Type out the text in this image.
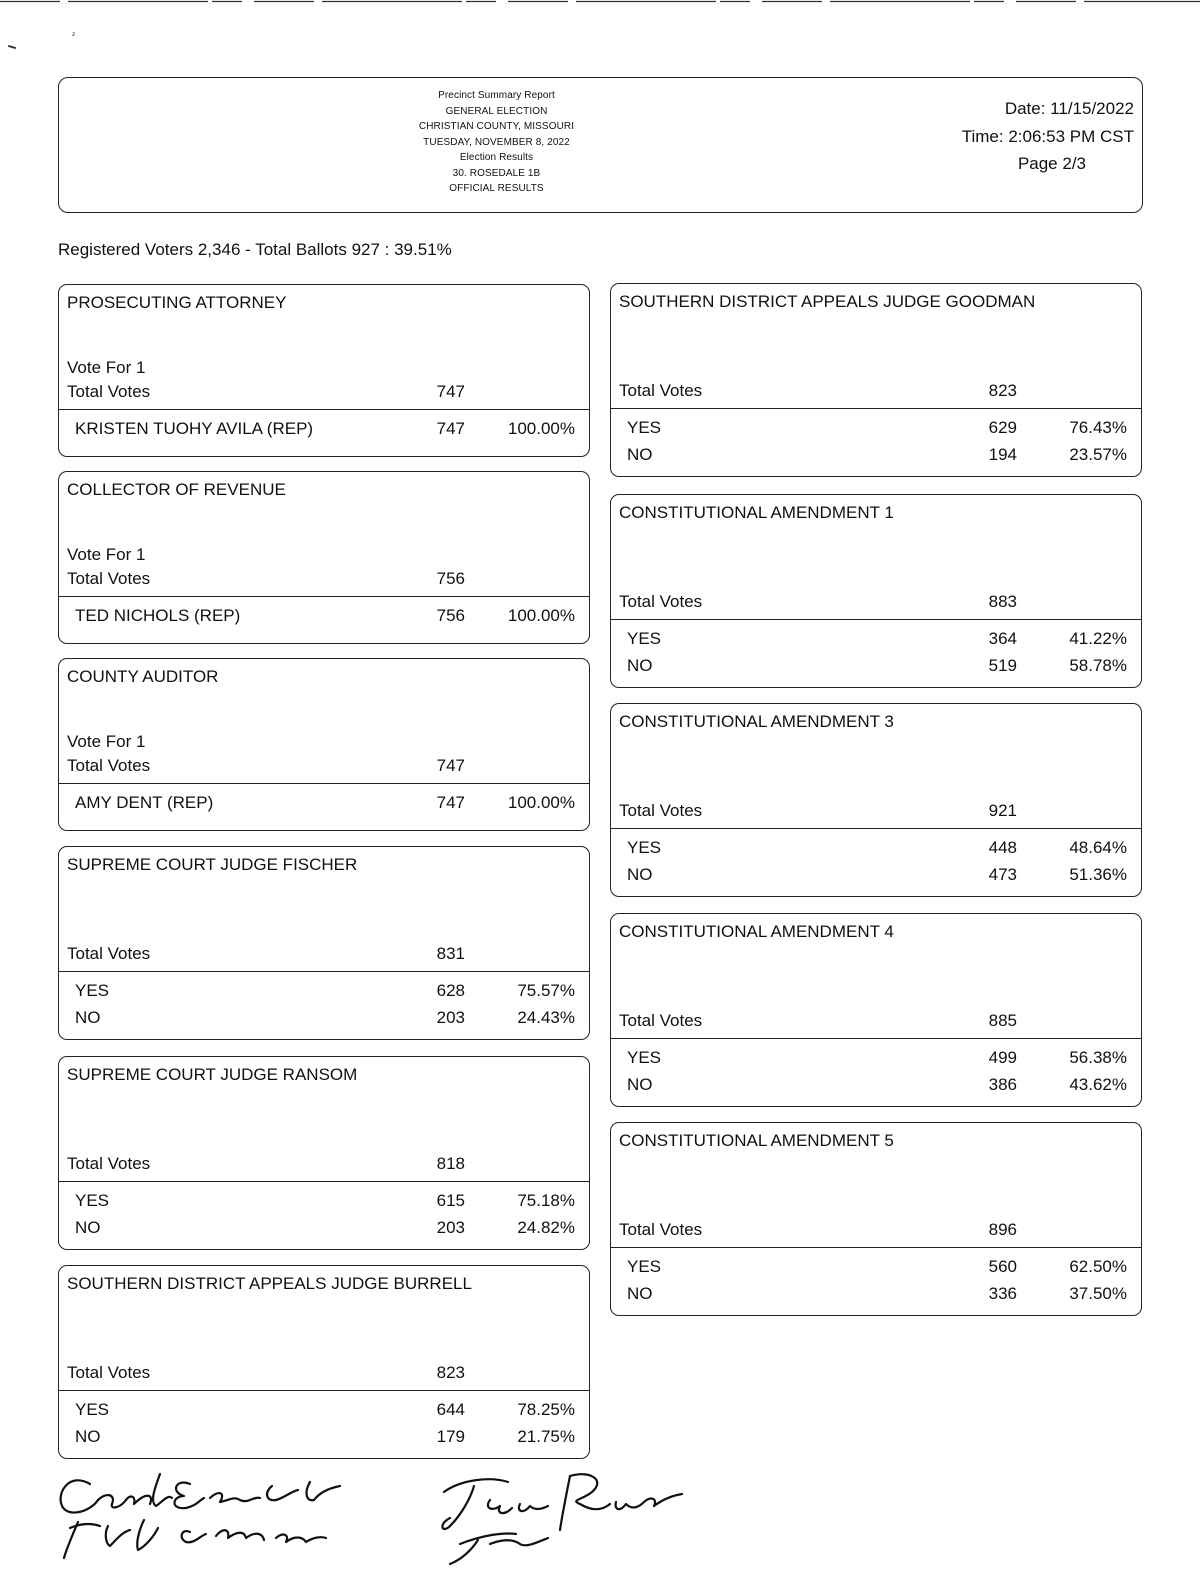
ᶻ
Precinct Summary Report
GENERAL ELECTION
CHRISTIAN COUNTY, MISSOURI
TUESDAY, NOVEMBER 8, 2022
Election Results
30. ROSEDALE 1B
OFFICIAL RESULTS
Date: 11/15/2022
Time: 2:06:53 PM CST
Page 2/3
Registered Voters 2,346 - Total Ballots 927 : 39.51%
PROSECUTING ATTORNEY
Vote For 1
Total Votes	747
KRISTEN TUOHY AVILA (REP)	747	100.00%
COLLECTOR OF REVENUE
Vote For 1
Total Votes	756
TED NICHOLS (REP)	756	100.00%
COUNTY AUDITOR
Vote For 1
Total Votes	747
AMY DENT (REP)	747	100.00%
SUPREME COURT JUDGE FISCHER
Total Votes	831
YES	628	75.57%
NO	203	24.43%
SUPREME COURT JUDGE RANSOM
Total Votes	818
YES	615	75.18%
NO	203	24.82%
SOUTHERN DISTRICT APPEALS JUDGE BURRELL
Total Votes	823
YES	644	78.25%
NO	179	21.75%
SOUTHERN DISTRICT APPEALS JUDGE GOODMAN
Total Votes	823
YES	629	76.43%
NO	194	23.57%
CONSTITUTIONAL AMENDMENT 1
Total Votes	883
YES	364	41.22%
NO	519	58.78%
CONSTITUTIONAL AMENDMENT 3
Total Votes	921
YES	448	48.64%
NO	473	51.36%
CONSTITUTIONAL AMENDMENT 4
Total Votes	885
YES	499	56.38%
NO	386	43.62%
CONSTITUTIONAL AMENDMENT 5
Total Votes	896
YES	560	62.50%
NO	336	37.50%
